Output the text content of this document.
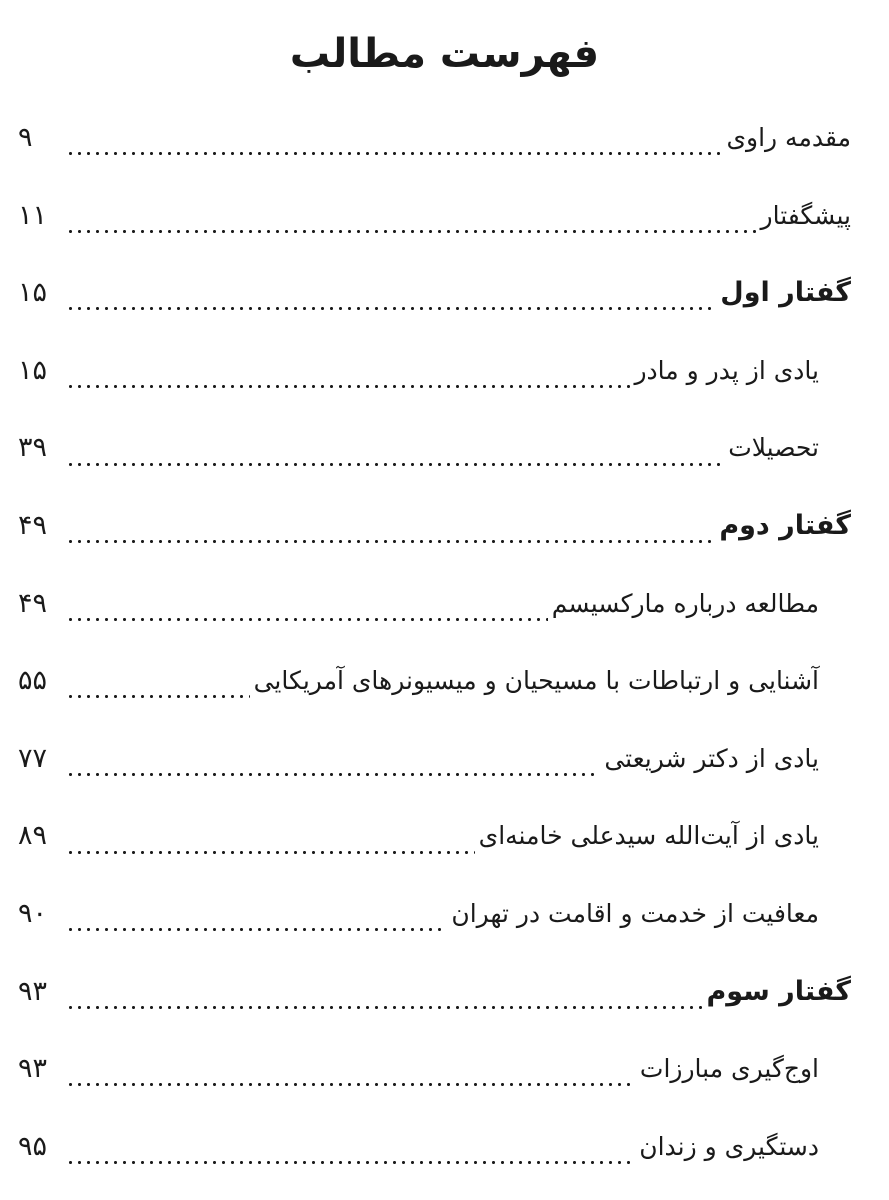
فهرست مطالب
مقدمه راوی
۹
پیشگفتار
۱۱
گفتار اول
۱۵
یادی از پدر و مادر
۱۵
تحصیلات
۳۹
گفتار دوم
۴۹
مطالعه درباره مارکسیسم
۴۹
آشنایی و ارتباطات با مسیحیان و میسیونرهای آمریکایی
۵۵
یادی از دکتر شریعتی
۷۷
یادی از آیت‌الله سیدعلی خامنه‌ای
۸۹
معافیت از خدمت و اقامت در تهران
۹۰
گفتار سوم
۹۳
اوج‌گیری مبارزات
۹۳
دستگیری و زندان
۹۵
